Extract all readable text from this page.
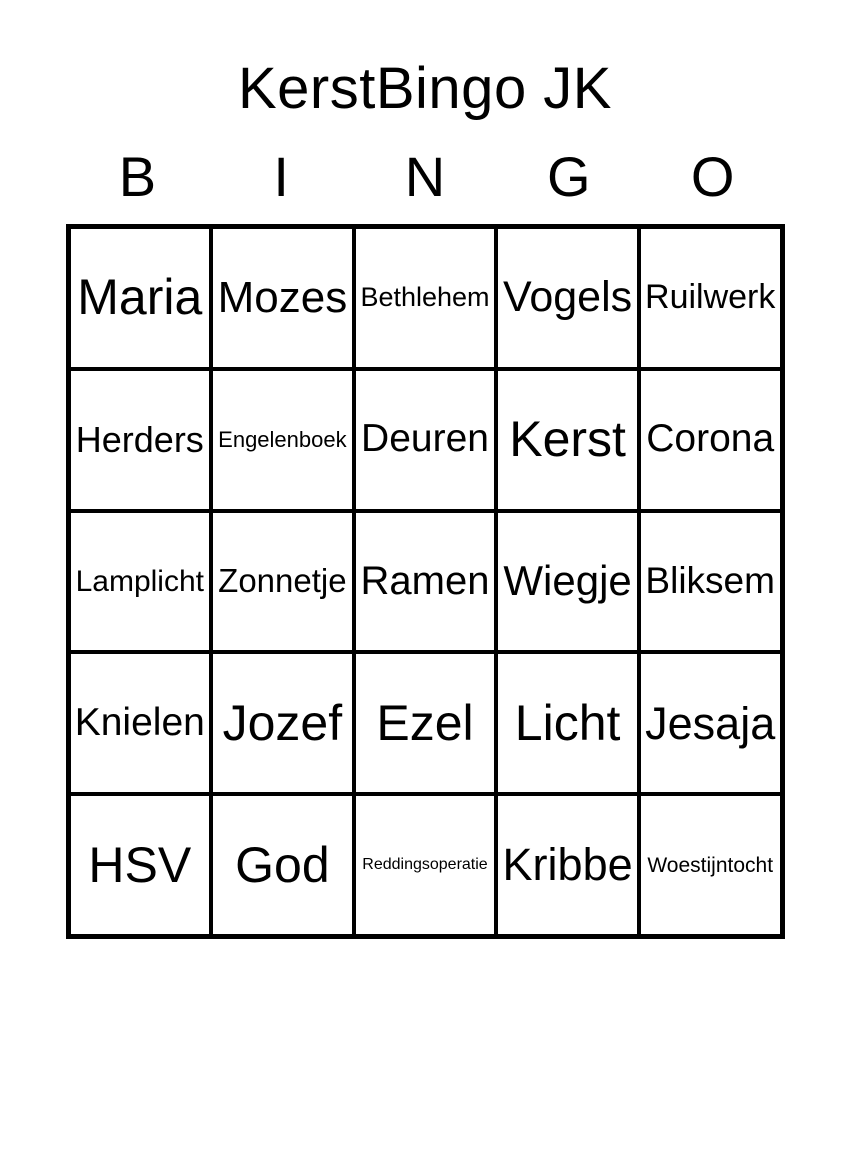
KerstBingo JK
B	I	N	G	O
Maria Mozes Bethlehem Vogels Ruilwerk
Herders Engelenboek Deuren Kerst Corona
Lamplicht Zonnetje Ramen Wiegje Bliksem
Knielen Jozef Ezel Licht Jesaja
HSV God Reddingsoperatie Kribbe Woestijntocht
